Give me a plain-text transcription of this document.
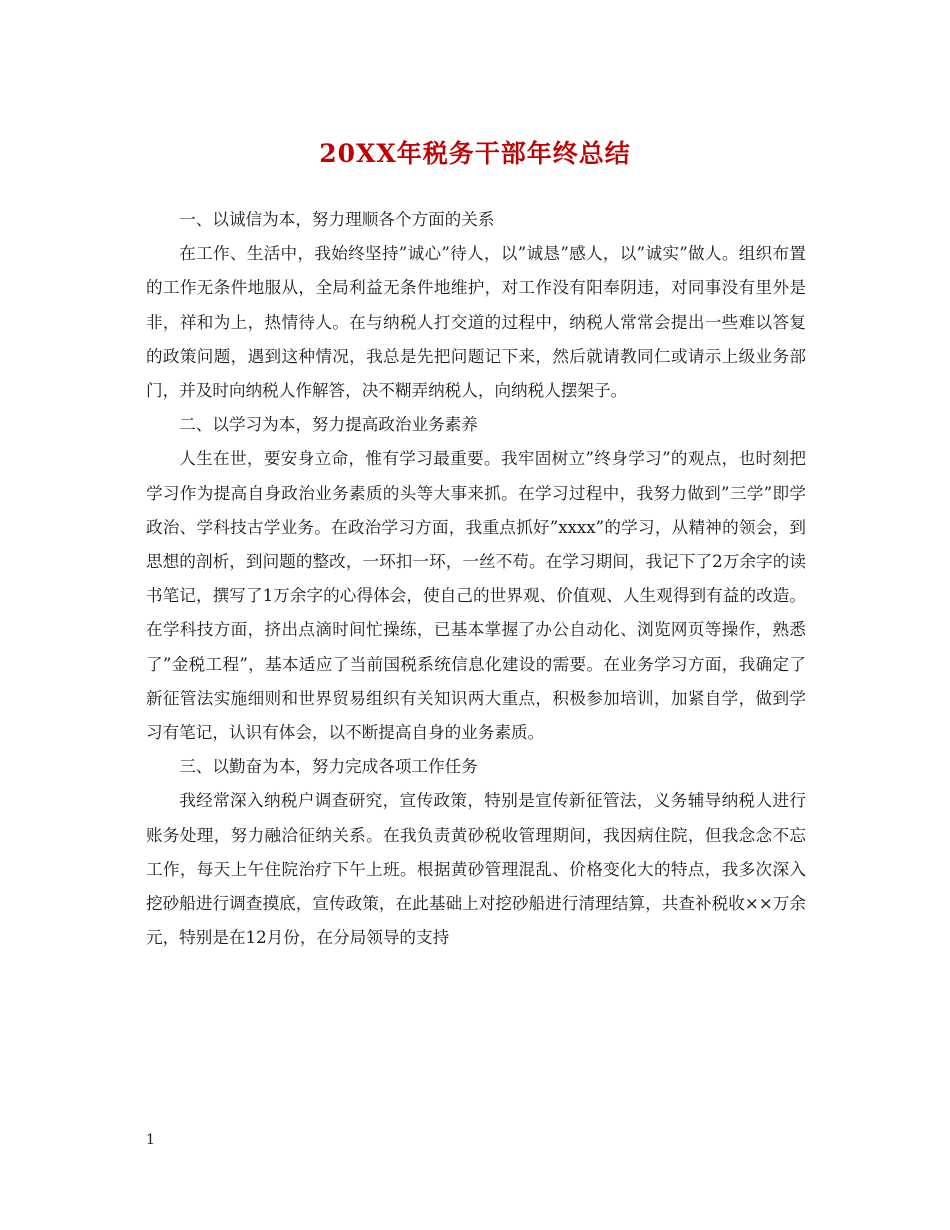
20XX年税务干部年终总结

一、以诚信为本，努力理顺各个方面的关系

在工作、生活中，我始终坚持”诚心”待人，以”诚恳”感人，以”诚实”做人。组织布置的工作无条件地服从，全局利益无条件地维护，对工作没有阳奉阴违，对同事没有里外是非，祥和为上，热情待人。在与纳税人打交道的过程中，纳税人常常会提出一些难以答复的政策问题，遇到这种情况，我总是先把问题记下来，然后就请教同仁或请示上级业务部门，并及时向纳税人作解答，决不糊弄纳税人，向纳税人摆架子。

二、以学习为本，努力提高政治业务素养

人生在世，要安身立命，惟有学习最重要。我牢固树立”终身学习”的观点，也时刻把学习作为提高自身政治业务素质的头等大事来抓。在学习过程中，我努力做到”三学”即学政治、学科技古学业务。在政治学习方面，我重点抓好”xxxx”的学习，从精神的领会，到思想的剖析，到问题的整改，一环扣一环，一丝不苟。在学习期间，我记下了2万余字的读书笔记，撰写了1万余字的心得体会，使自己的世界观、价值观、人生观得到有益的改造。在学科技方面，挤出点滴时间忙操练，已基本掌握了办公自动化、浏览网页等操作，熟悉了”金税工程”，基本适应了当前国税系统信息化建设的需要。在业务学习方面，我确定了新征管法实施细则和世界贸易组织有关知识两大重点，积极参加培训，加紧自学，做到学习有笔记，认识有体会，以不断提高自身的业务素质。

三、以勤奋为本，努力完成各项工作任务

我经常深入纳税户调查研究，宣传政策，特别是宣传新征管法，义务辅导纳税人进行账务处理，努力融洽征纳关系。在我负责黄砂税收管理期间，我因病住院，但我念念不忘工作，每天上午住院治疗下午上班。根据黄砂管理混乱、价格变化大的特点，我多次深入挖砂船进行调查摸底，宣传政策，在此基础上对挖砂船进行清理结算，共查补税收××万余元，特别是在12月份，在分局领导的支持

1
